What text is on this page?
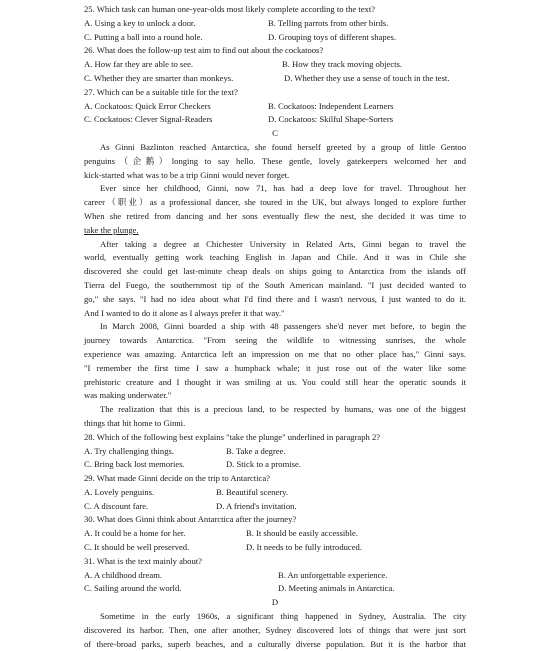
25. Which task can human one-year-olds most likely complete according to the text?
A. Using a key to unlock a door.	B. Telling parrots from other birds.
C. Putting a ball into a round hole.	D. Grouping toys of different shapes.
26. What does the follow-up test aim to find out about the cockatoos?
A. How far they are able to see.	B. How they track moving objects.
C. Whether they are smarter than monkeys.	D. Whether they use a sense of touch in the test.
27. Which can be a suitable title for the text?
A. Cockatoos: Quick Error Checkers	B. Cockatoos: Independent Learners
C. Cockatoos: Clever Signal-Readers	D. Cockatoos: Skilful Shape-Sorters
C
As Ginni Bazlinton reached Antarctica, she found herself greeted by a group of little Gentoo
penguins（企鹅）longing to say hello. These gentle, lovely gatekeepers welcomed her and
kick-started what was to be a trip Ginni would never forget.
Ever since her childhood, Ginni, now 71, has had a deep love for travel. Throughout her
career（职业）as a professional dancer, she toured in the UK, but always longed to explore further
When she retired from dancing and her sons eventually flew the nest, she decided it was time to
take the plunge.
After taking a degree at Chichester University in Related Arts, Ginni began to travel the
world, eventually getting work teaching English in Japan and Chile. And it was in Chile she
discovered she could get last-minute cheap deals on ships going to Antarctica from the islands off
Tierra del Fuego, the southernmost tip of the South American mainland. "I just decided wanted to
go," she says. "I had no idea about what I'd find there and I wasn't nervous, I just wanted to do it.
And I wanted to do it alone as I always prefer it that way."
In March 2008, Ginni boarded a ship with 48 passengers she'd never met before, to begin the
journey towards Antarctica. "From seeing the wildlife to witnessing sunrises, the whole
experience was amazing. Antarctica left an impression on me that no other place has," Ginni says.
"I remember the first time I saw a humpback whale; it just rose out of the water like some
prehistoric creature and I thought it was smiling at us. You could still hear the operatic sounds it
was making underwater."
The realization that this is a precious land, to be respected by humans, was one of the biggest
things that hit home to Ginni.
28. Which of the following best explains "take the plunge" underlined in paragraph 2?
A. Try challenging things.	B. Take a degree.
C. Bring back lost memories.	D. Stick to a promise.
29. What made Ginni decide on the trip to Antarctica?
A. Lovely penguins.	B. Beautiful scenery.
C. A discount fare.	D. A friend's invitation.
30. What does Ginni think about Antarctica after the journey?
A. It could be a home for her.	B. It should be easily accessible.
C. It should be well preserved.	D. It needs to be fully introduced.
31. What is the text mainly about?
A. A childhood dream.	B. An unforgettable experience.
C. Sailing around the world.	D. Meeting animals in Antarctica.
D
Sometime in the early 1960s, a significant thing happened in Sydney, Australia. The city
discovered its harbor. Then, one after another, Sydney discovered lots of things that were just sort
of there-broad parks, superb beaches, and a culturally diverse population. But it is the harbor that
